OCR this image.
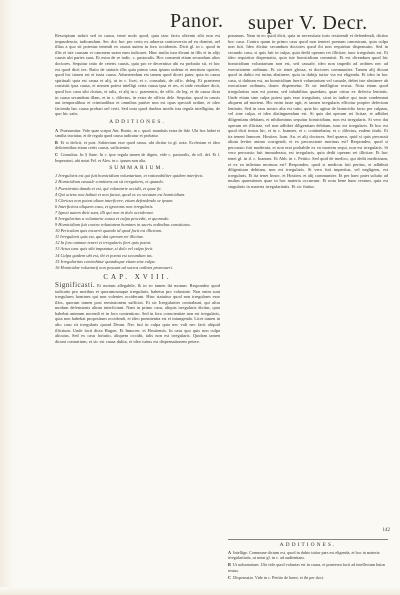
Panor. super V. Decr.
Rescriptum noluit sed in causa, tenet nodo quod, quia tanc factu obtentu sibi non est imprudencia, iudicandum. Sec dco hoc pro certo ex aduersa controversia ad eu domini, uel illius a quo sit potestas tenendi ex causis autem in foro occidentis. Dicit gl. in c. quod in illis et iste causam vt canonem suam eum iudicaret. Hinc multa iura dicunt in illis et in alijs causis ubi partes suas. Et extra de re iudic. c. pastoralis. Hoc conuenit etiam secundum alios doctores. Sequitur ratio de ceteris causis, quia pro re decernitur ubi ea probatio sit, et hoc est quod dicit tex. Ratio de statutis illis quia primo casu ipsum uidetur et meritum oportet, quod hic tamen est et iusta causa. Aduertendum est tamen quod diceri pater, quia in causa spirituali quia est causa et alij, ut in c. licet, et c. consuluit, de offic. deleg. Et praeterea consistit ipsa causa, et nomen potest intelligi certa causa ipsa et res, et inde resultare dicit, quod hoc casu sibi cluitas, et talis, et alij in c. praesentis, de offic. de leg. et de causa dicta in causa secundum illam, et in c. dilectus, in extra de officio dele. Sequitur, quod in causis aut temporalibus et criminalibus et omnibus pariter non est opus speciali ordine, et ideo facienda hac causa probari uel certi. Sed nota quod duobus modis ista regula intelligitur, de quo hic satis.
ADDITIONES.
A Praesumitur. Vide quae scripsi Ant. Butrio, in c. quod. mandatis extra de fide. Ubi hoc habet et similia tractatur, et de regula quod causa iudicatur et probatur.
B Et si deficit, et post. Subiectum esse quod causa, ubi dicitur in gl. nota. Ecclesiam et ideo deficientibus etiam certis causis, sufficienter.
C Consultus. In § Sane. In c. ipse regula tamen de dignis, vide c. pastoralis, de off. del. Et l. Imperatori, ubi notat Fel. et Alex. in c. ipsum non alia.
SUMMARIUM.
1 Irregularis est qui fuit homicidium voluntarium, et rationabiliter quidem interfecit.
2 Homicidium casuale comittens an sit irregularis, et quando.
3 Poenitentia danda ei est, qui voluntarie occidit, et quae fit.
4 Qui sciens non habuit et non faciat, quod ex eo secutum est homicidium.
5 Clericus non potest alium interficere, etiam defendendo se ipsum.
6 Interficiens aliquem casu, et ignorans non irregularis.
7 Ignoti autem dicti sunt, illi qui non in dolo occiderunt.
8 Irregularitas a voluntaria causa et culpa procedit, et quomodo.
9 Homicidium fuit contra voluntatem homines in sacris ordinibus constitutos.
10 Periculum quis incurrit quando id quod facit est illicitum.
11 Irregularis quis est, qui dat operam rei illicitae.
12 In foro animae teneri et irregularis fieri quis potest.
13 Actus tunc quis sibi imputatur, si dolo vel culpa fecit.
14 Culpa quidem ubi est, ibi et poena est secundum ius.
15 Irregularitas contrahitur quandoque etiam sine culpa.
16 Homicidae voluntarij non possunt ad sacros ordines promoueri.
CAP. XVIII.
Significasti. Et motum allegabile, & in eo tamen ibi motum. Respondeo quod iudicatio pro motibus et quorumcumque irregularis, habetur pro voluntate. Non enim sunt irregulares homines qui non volentes occiderunt. Hinc statuitur quod non irregulares esse illos, quorum tamen post remissionem sufficiat. Et sic Irregulariter contrahunt, qui ultra modum defensionis alium interficiunt. Nam in primo casu, aliquis irregularis dicitur, quia habebat animum nocendi et in foro contentioso. Sed in foro conscientiae non est irregularis, quia non habebat propositum occidendi, et ideo poenitentia est ei iniungenda. Licet tamen in alio casu sit irregularis quoad Deum. Nec fuit in culpa quia nec vult nec facit aliquid illicitum. Unde facit dicta Hugon. Et Innocen. et Hostiensis. In casu quo quis non culpa alicuius. Sed ex casu fortuito, aliquem occidit, talis non est irregularis. Quidam tamen dicunt contrarium, et sic est causa dubia, et ideo tutius est dispensationem petere.
ponamus. Nam in eo quod dicit, quia in necessitate iuris resistendi et defendendi, dicitur hoc casu. Contra quam in primo casu quod non teneret poenam canonicam, quia culpa non fuit. Ideo dicitur secundum doctores quod ibi non requiritur dispensatio. Sed in secundo casu, si quis fuit in culpa, quia dedit operam rei illicitae, tunc irregularis est. Et ideo requiritur dispensatio, quia iste homicidium commisit. Et est dicendum quod hic homicidium voluntarium non est, sed casuale, ideo non impedit ad ordines nec ad executionem ordinum. Et sic tenet glossa, et doctores communiter. Tamen alij dicunt quod in dubio est tutius abstinere, quia in dubijs tutior via est eligenda. Et ideo in hoc casu, si dubium est, an homicidium fuerit voluntarium vel casuale, debet iste abstinere ab executione ordinum, donec dispensetur. Et sic intelligitur textus. Nota etiam quod irregularitas non est poena, sed inhabilitas quaedam, quae oritur ex defectu lenitatis. Unde etiam sine culpa potest quis esse irregularis, sicut in iudice qui iuste condemnat aliquem ad mortem. Hic enim iuste agit, et tamen irregularis efficitur propter defectum lenitatis. Sed in casu nostro alia est ratio, quia hic agitur de homicidio facto per culpam, vel sine culpa, et ideo distinguendum est. Si quis dat operam rei licitae, et adhibet diligentiam debitam, et nihilominus sequitur homicidium, non est irregularis. Si vero dat operam rei illicitae, vel non adhibet diligentiam debitam, tunc est irregularis. Et hoc est quod dicit textus hic, et in c. Ioannes, et c. continebatur, et c. dilectus, eodem titulo. Et ita tenent Innocen. Hostien. Ioan. An. et alij doctores. Sed quaero, quid si quis percussit alium leviter animo corrigendi, et ex percussione mortuus est? Respondeo, quod si percussio fuit moderata, et non erat probabile ex ea mortem sequi, non est irregularis. Si vero percussio fuit immoderata, est irregularis, quia dedit operam rei illicitae. Et hoc tenet gl. in d. c. Ioannes. Et Abb. in c. Petitio. Sed quid de medico, qui dedit medicinam, et ex ea infirmus mortuus est? Respondeo, quod si medicus fuit peritus, et adhibuit diligentiam debitam, non est irregularis. Si vero fuit imperitus, vel negligens, est irregularis. Et ita tenet Innoc. et Hostien. et alij communiter. Et per haec patet solutio ad multas quaestiones quae in hac materia occurrunt. Et nota bene hunc textum, quia est singularis in materia irregularitatis. Et sic finitur.
142
ADDITIONES.
A Intellige. Commune dictum est, quod in dubio tutior pars est eligenda, et hoc in materia irregularitatis, ut notat gl. in c. ad audientiam.
B Ut uoluntarium. Ubi vide quod voluntas est in causa, et praeterea facit ad intellectum huius textus.
C Dispensatio. Vide in c. Petitio de homi. et ibi per doct.
